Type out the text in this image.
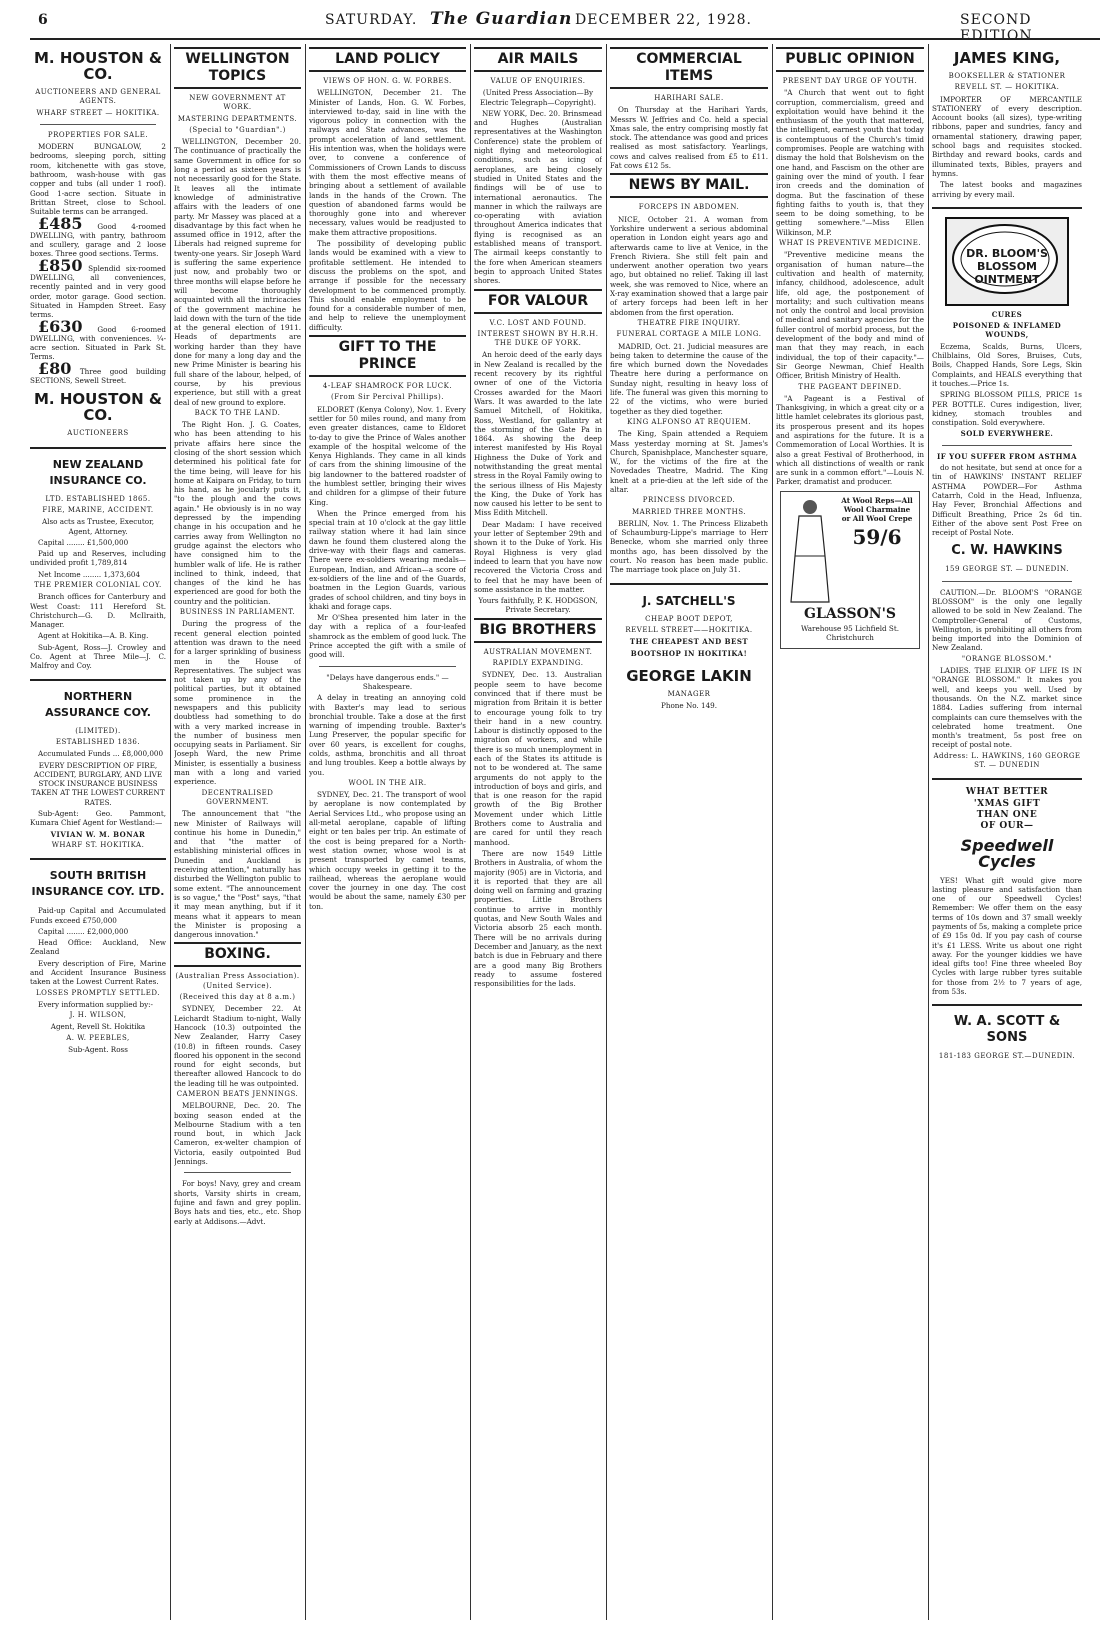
6	SATURDAY. The Guardian DECEMBER 22, 1928.	SECOND EDITION.
M. HOUSTON & CO.

AUCTIONEERS AND GENERAL AGENTS.

WHARF STREET — HOKITIKA.

PROPERTIES FOR SALE.

MODERN BUNGALOW, 2 bedrooms, sleeping porch, sitting room, kitchenette with gas stove, bathroom, wash-house with gas copper and tubs (all under 1 roof). Good 1-acre section. Situate in Brittan Street, close to School. Suitable terms can be arranged.

£485 Good 4-roomed DWELLING, with pantry, bathroom and scullery, garage and 2 loose boxes. Three good sections. Terms.

£850 Splendid six-roomed DWELLING, all conveniences, recently painted and in very good order, motor garage. Good section. Situated in Hampden Street. Easy terms.

£630 Good 6-roomed DWELLING, with conveniences. ¼-acre section. Situated in Park St. Terms.

£80 Three good building SECTIONS, Sewell Street.

M. HOUSTON & CO.

AUCTIONEERS

NEW ZEALAND INSURANCE CO.

LTD. ESTABLISHED 1865.

FIRE, MARINE, ACCIDENT.

Also acts as Trustee, Executor, Agent, Attorney.

Capital ........ £1,500,000

Paid up and Reserves, including undivided profit 1,789,814

Net Income ........ 1,373,604

THE PREMIER COLONIAL COY.

Branch offices for Canterbury and West Coast: 111 Hereford St. Christchurch—G. D. McIlraith, Manager.

Agent at Hokitika—A. B. King.

Sub-Agent, Ross—J. Crowley and Co. Agent at Three Mile—J. C. Malfroy and Coy.

NORTHERN ASSURANCE COY.

(LIMITED).

ESTABLISHED 1836.

Accumulated Funds ... £8,000,000

EVERY DESCRIPTION OF FIRE, ACCIDENT, BURGLARY, AND LIVE STOCK INSURANCE BUSINESS TAKEN AT THE LOWEST CURRENT RATES.

Sub-Agent: Geo. Pammont, Kumara Chief Agent for Westland:—

VIVIAN W. M. BONAR

WHARF ST. HOKITIKA.

SOUTH BRITISH INSURANCE COY. LTD.

Paid-up Capital and Accumulated Funds exceed £750,000

Capital ........ £2,000,000

Head Office: Auckland, New Zealand

Every description of Fire, Marine and Accident Insurance Business taken at the Lowest Current Rates.

LOSSES PROMPTLY SETTLED.

Every information supplied by:-

J. H. WILSON,

Agent, Revell St. Hokitika

A. W. PEEBLES,

Sub-Agent. Ross

WELLINGTON TOPICS

NEW GOVERNMENT AT WORK.

MASTERING DEPARTMENTS.

(Special to "Guardian".)

WELLINGTON, December 20. The continuance of practically the same Government in office for so long a period as sixteen years is not necessarily good for the State. It leaves all the intimate knowledge of administrative affairs with the leaders of one party. Mr Massey was placed at a disadvantage by this fact when he assumed office in 1912, after the Liberals had reigned supreme for twenty-one years. Sir Joseph Ward is suffering the same experience just now, and probably two or three months will elapse before he will become thoroughly acquainted with all the intricacies of the government machine he laid down with the turn of the tide at the general election of 1911. Heads of departments are working harder than they have done for many a long day and the new Prime Minister is bearing his full share of the labour, helped, of course, by his previous experience, but still with a great deal of new ground to explore.

BACK TO THE LAND.

The Right Hon. J. G. Coates, who has been attending to his private affairs here since the closing of the short session which determined his political fate for the time being, will leave for his home at Kaipara on Friday, to turn his hand, as he jocularly puts it, "to the plough and the cows again." He obviously is in no way depressed by the impending change in his occupation and he carries away from Wellington no grudge against the electors who have consigned him to the humbler walk of life. He is rather inclined to think, indeed, that changes of the kind he has experienced are good for both the country and the politician.

BUSINESS IN PARLIAMENT.

During the progress of the recent general election pointed attention was drawn to the need for a larger sprinkling of business men in the House of Representatives. The subject was not taken up by any of the political parties, but it obtained some prominence in the newspapers and this publicity doubtless had something to do with a very marked increase in the number of business men occupying seats in Parliament. Sir Joseph Ward, the new Prime Minister, is essentially a business man with a long and varied experience.

DECENTRALISED GOVERNMENT.

The announcement that "the new Minister of Railways will continue his home in Dunedin," and that "the matter of establishing ministerial offices in Dunedin and Auckland is receiving attention," naturally has disturbed the Wellington public to some extent. "The announcement is so vague," the "Post" says, "that it may mean anything, but if it means what it appears to mean the Minister is proposing a dangerous innovation."

BOXING.

(Australian Press Association). (United Service).

(Received this day at 8 a.m.)

SYDNEY, December 22. At Leichardt Stadium to-night, Wally Hancock (10.3) outpointed the New Zealander, Harry Casey (10.8) in fifteen rounds. Casey floored his opponent in the second round for eight seconds, but thereafter allowed Hancock to do the leading till he was outpointed.

CAMERON BEATS JENNINGS.

MELBOURNE, Dec. 20. The boxing season ended at the Melbourne Stadium with a ten round bout, in which Jack Cameron, ex-welter champion of Victoria, easily outpointed Bud Jennings.

For boys! Navy, grey and cream shorts, Varsity shirts in cream, fujine and fawn and grey poplin. Boys hats and ties, etc., etc. Shop early at Addisons.—Advt.

LAND POLICY

VIEWS OF HON. G. W. FORBES.

WELLINGTON, December 21. The Minister of Lands, Hon. G. W. Forbes, interviewed to-day, said in line with the vigorous policy in connection with the railways and State advances, was the prompt acceleration of land settlement. His intention was, when the holidays were over, to convene a conference of Commissioners of Crown Lands to discuss with them the most effective means of bringing about a settlement of available lands in the hands of the Crown. The question of abandoned farms would be thoroughly gone into and wherever necessary, values would be readjusted to make them attractive propositions.

The possibility of developing public lands would be examined with a view to profitable settlement. He intended to discuss the problems on the spot, and arrange if possible for the necessary development to be commenced promptly. This should enable employment to be found for a considerable number of men, and help to relieve the unemployment difficulty.

GIFT TO THE PRINCE

4-LEAF SHAMROCK FOR LUCK.

(From Sir Percival Phillips).

ELDORET (Kenya Colony), Nov. 1. Every settler for 50 miles round, and many from even greater distances, came to Eldoret to-day to give the Prince of Wales another example of the hospital welcome of the Kenya Highlands. They came in all kinds of cars from the shining limousine of the big landowner to the battered roadster of the humblest settler, bringing their wives and children for a glimpse of their future King.

When the Prince emerged from his special train at 10 o'clock at the gay little railway station where it had lain since dawn he found them clustered along the drive-way with their flags and cameras. There were ex-soldiers wearing medals—European, Indian, and African—a score of ex-soldiers of the line and of the Guards, boatmen in the Legion Guards, various grades of school children, and tiny boys in khaki and forage caps.

Mr O'Shea presented him later in the day with a replica of a four-leafed shamrock as the emblem of good luck. The Prince accepted the gift with a smile of good will.

"Delays have dangerous ends." —Shakespeare.

A delay in treating an annoying cold with Baxter's may lead to serious bronchial trouble. Take a dose at the first warning of impending trouble. Baxter's Lung Preserver, the popular specific for over 60 years, is excellent for coughs, colds, asthma, bronchitis and all throat and lung troubles. Keep a bottle always by you.

WOOL IN THE AIR.

SYDNEY, Dec. 21. The transport of wool by aeroplane is now contemplated by Aerial Services Ltd., who propose using an all-metal aeroplane, capable of lifting eight or ten bales per trip. An estimate of the cost is being prepared for a North-west station owner, whose wool is at present transported by camel teams, which occupy weeks in getting it to the railhead, whereas the aeroplane would cover the journey in one day. The cost would be about the same, namely £30 per ton.

AIR MAILS

VALUE OF ENQUIRIES.

(United Press Association—By Electric Telegraph—Copyright).

NEW YORK, Dec. 20. Brinsmead and Hughes (Australian representatives at the Washington Conference) state the problem of night flying and meteorological conditions, such as icing of aeroplanes, are being closely studied in United States and the findings will be of use to international aeronautics. The manner in which the railways are co-operating with aviation throughout America indicates that flying is recognised as an established means of transport. The airmail keeps constantly to the fore when American steamers begin to approach United States shores.

FOR VALOUR

V.C. LOST AND FOUND.

INTEREST SHOWN BY H.R.H. THE DUKE OF YORK.

An heroic deed of the early days in New Zealand is recalled by the recent recovery by its rightful owner of one of the Victoria Crosses awarded for the Maori Wars. It was awarded to the late Samuel Mitchell, of Hokitika, Ross, Westland, for gallantry at the storming of the Gate Pa in 1864. As showing the deep interest manifested by His Royal Highness the Duke of York and notwithstanding the great mental stress in the Royal Family owing to the serious illness of His Majesty the King, the Duke of York has now caused his letter to be sent to Miss Edith Mitchell.

Dear Madam: I have received your letter of September 29th and shown it to the Duke of York. His Royal Highness is very glad indeed to learn that you have now recovered the Victoria Cross and to feel that he may have been of some assistance in the matter.

Yours faithfully, P. K. HODGSON, Private Secretary.

BIG BROTHERS

AUSTRALIAN MOVEMENT.

RAPIDLY EXPANDING.

SYDNEY, Dec. 13. Australian people seem to have become convinced that if there must be migration from Britain it is better to encourage young folk to try their hand in a new country. Labour is distinctly opposed to the migration of workers, and while there is so much unemployment in each of the States its attitude is not to be wondered at. The same arguments do not apply to the introduction of boys and girls, and that is one reason for the rapid growth of the Big Brother Movement under which Little Brothers come to Australia and are cared for until they reach manhood.

There are now 1549 Little Brothers in Australia, of whom the majority (905) are in Victoria, and it is reported that they are all doing well on farming and grazing properties. Little Brothers continue to arrive in monthly quotas, and New South Wales and Victoria absorb 25 each month. There will be no arrivals during December and January, as the next batch is due in February and there are a good many Big Brothers ready to assume fostered responsibilities for the lads.

COMMERCIAL ITEMS

HARIHARI SALE.

On Thursday at the Harihari Yards, Messrs W. Jeffries and Co. held a special Xmas sale, the entry comprising mostly fat stock. The attendance was good and prices realised as most satisfactory. Yearlings, cows and calves realised from £5 to £11. Fat cows £12 5s.

NEWS BY MAIL.

FORCEPS IN ABDOMEN.

NICE, October 21. A woman from Yorkshire underwent a serious abdominal operation in London eight years ago and afterwards came to live at Venice, in the French Riviera. She still felt pain and underwent another operation two years ago, but obtained no relief. Taking ill last week, she was removed to Nice, where an X-ray examination showed that a large pair of artery forceps had been left in her abdomen from the first operation.

THEATRE FIRE INQUIRY.

FUNERAL CORTAGE A MILE LONG.

MADRID, Oct. 21. Judicial measures are being taken to determine the cause of the fire which burned down the Novedades Theatre here during a performance on Sunday night, resulting in heavy loss of life. The funeral was given this morning to 22 of the victims, who were buried together as they died together.

KING ALFONSO AT REQUIEM.

The King, Spain attended a Requiem Mass yesterday morning at St. James's Church, Spanishplace, Manchester square, W., for the victims of the fire at the Novedades Theatre, Madrid. The King knelt at a prie-dieu at the left side of the altar.

PRINCESS DIVORCED.

MARRIED THREE MONTHS.

BERLIN, Nov. 1. The Princess Elizabeth of Schaumburg-Lippe's marriage to Herr Benecke, whom she married only three months ago, has been dissolved by the court. No reason has been made public. The marriage took place on July 31.

J. SATCHELL'S

CHEAP BOOT DEPOT,

REVELL STREET——HOKITIKA.

THE CHEAPEST AND BEST

BOOTSHOP IN HOKITIKA!

GEORGE LAKIN

MANAGER

Phone No. 149.

PUBLIC OPINION

PRESENT DAY URGE OF YOUTH.

"A Church that went out to fight corruption, commercialism, greed and exploitation would have behind it the enthusiasm of the youth that mattered, the intelligent, earnest youth that today is contemptuous of the Church's timid compromises. People are watching with dismay the hold that Bolshevism on the one hand, and Fascism on the other are gaining over the mind of youth. I fear iron creeds and the domination of dogma. But the fascination of these fighting faiths to youth is, that they seem to be doing something, to be getting somewhere."—Miss Ellen Wilkinson, M.P.

WHAT IS PREVENTIVE MEDICINE.

"Preventive medicine means the organisation of human nature—the cultivation and health of maternity, infancy, childhood, adolescence, adult life, old age, the postponement of mortality; and such cultivation means not only the control and local provision of medical and sanitary agencies for the fuller control of morbid process, but the development of the body and mind of man that they may reach, in each individual, the top of their capacity."—Sir George Newman, Chief Health Officer, British Ministry of Health.

THE PAGEANT DEFINED.

"A Pageant is a Festival of Thanksgiving, in which a great city or a little hamlet celebrates its glorious past, its prosperous present and its hopes and aspirations for the future. It is a Commemoration of Local Worthies. It is also a great Festival of Brotherhood, in which all distinctions of wealth or rank are sunk in a common effort."—Louis N. Parker, dramatist and producer.

At Wool Reps—All Wool Charmaine or All Wool Crepe

59/6

GLASSON'S

Warehouse 95 Lichfield St. Christchurch

JAMES KING,

BOOKSELLER & STATIONER

REVELL ST. — HOKITIKA.

IMPORTER OF MERCANTILE STATIONERY of every description. Account books (all sizes), type-writing ribbons, paper and sundries, fancy and ornamental stationery, drawing paper, school bags and requisites stocked. Birthday and reward books, cards and illuminated texts, Bibles, prayers and hymns.

The latest books and magazines arriving by every mail.

DR. BLOOM'S BLOSSOM OINTMENT

CURES

POISONED & INFLAMED WOUNDS,

Eczema, Scalds, Burns, Ulcers, Chilblains, Old Sores, Bruises, Cuts, Boils, Chapped Hands, Sore Legs, Skin Complaints, and HEALS everything that it touches.—Price 1s.

SPRING BLOSSOM PILLS, PRICE 1s PER BOTTLE. Cures indigestion, liver, kidney, stomach troubles and constipation. Sold everywhere.

SOLD EVERYWHERE.

IF YOU SUFFER FROM ASTHMA

do not hesitate, but send at once for a tin of HAWKINS' INSTANT RELIEF ASTHMA POWDER—For Asthma Catarrh, Cold in the Head, Influenza, Hay Fever, Bronchial Affections and Difficult Breathing, Price 2s 6d tin. Either of the above sent Post Free on receipt of Postal Note.

C. W. HAWKINS

159 GEORGE ST. — DUNEDIN.

CAUTION.—Dr. BLOOM'S "ORANGE BLOSSOM" is the only one legally allowed to be sold in New Zealand. The Comptroller-General of Customs, Wellington, is prohibiting all others from being imported into the Dominion of New Zealand.

"ORANGE BLOSSOM."

LADIES. THE ELIXIR OF LIFE IS IN "ORANGE BLOSSOM." It makes you well, and keeps you well. Used by thousands. On the N.Z. market since 1884. Ladies suffering from internal complaints can cure themselves with the celebrated home treatment. One month's treatment, 5s post free on receipt of postal note.

Address: L. HAWKINS, 160 GEORGE ST. — DUNEDIN

WHAT BETTER

'XMAS GIFT

THAN ONE

OF OUR—

Speedwell Cycles

YES! What gift would give more lasting pleasure and satisfaction than one of our Speedwell Cycles! Remember: We offer them on the easy terms of 10s down and 37 small weekly payments of 5s, making a complete price of £9 15s 0d. If you pay cash of course it's £1 LESS. Write us about one right away. For the younger kiddies we have ideal gifts too! Fine three wheeled Boy Cycles with large rubber tyres suitable for those from 2½ to 7 years of age, from 53s.

W. A. SCOTT & SONS

181-183 GEORGE ST.—DUNEDIN.
